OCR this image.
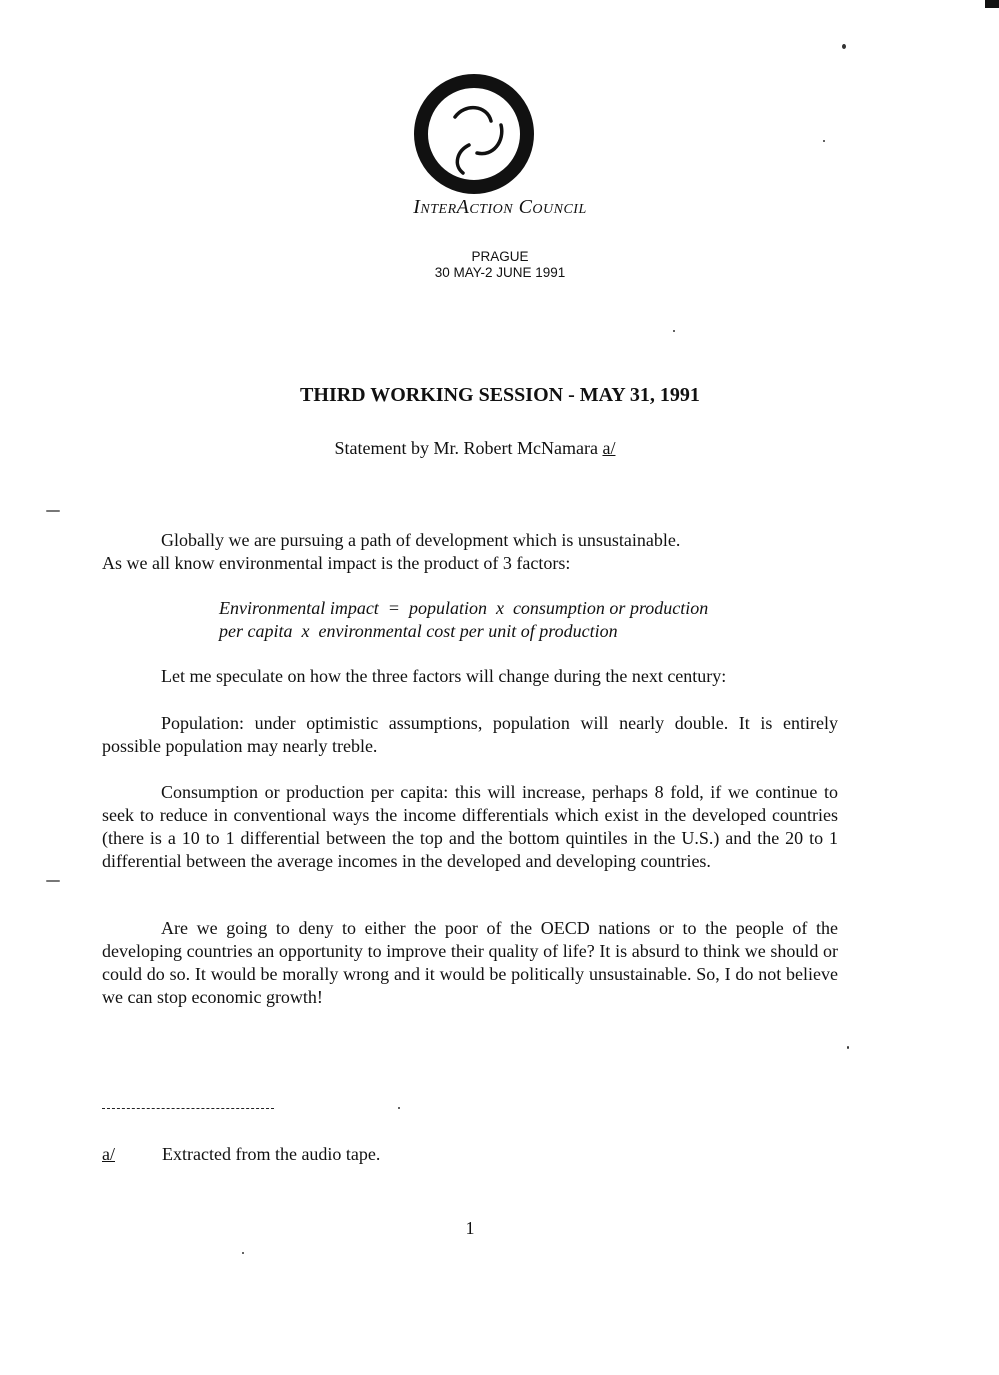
InterAction Council
PRAGUE
30 MAY-2 JUNE 1991
THIRD WORKING SESSION - MAY 31, 1991
Statement by Mr. Robert McNamara a/
Globally we are pursuing a path of development which is unsustainable.
As we all know environmental impact is the product of 3 factors:
Environmental impact  =  population  x  consumption or production
per capita  x  environmental cost per unit of production

Let me speculate on how the three factors will change during the next century:

Population: under optimistic assumptions, population will nearly double. It is entirely possible population may nearly treble.

Consumption or production per capita: this will increase, perhaps 8 fold, if we continue to seek to reduce in conventional ways the income differentials which exist in the developed countries (there is a 10 to 1 differential between the top and the bottom quintiles in the U.S.) and the 20 to 1 differential between the average incomes in the developed and developing countries.

Are we going to deny to either the poor of the OECD nations or to the people of the developing countries an opportunity to improve their quality of life? It is absurd to think we should or could do so. It would be morally wrong and it would be politically unsustainable. So, I do not believe we can stop economic growth!

a/	Extracted from the audio tape.
1
